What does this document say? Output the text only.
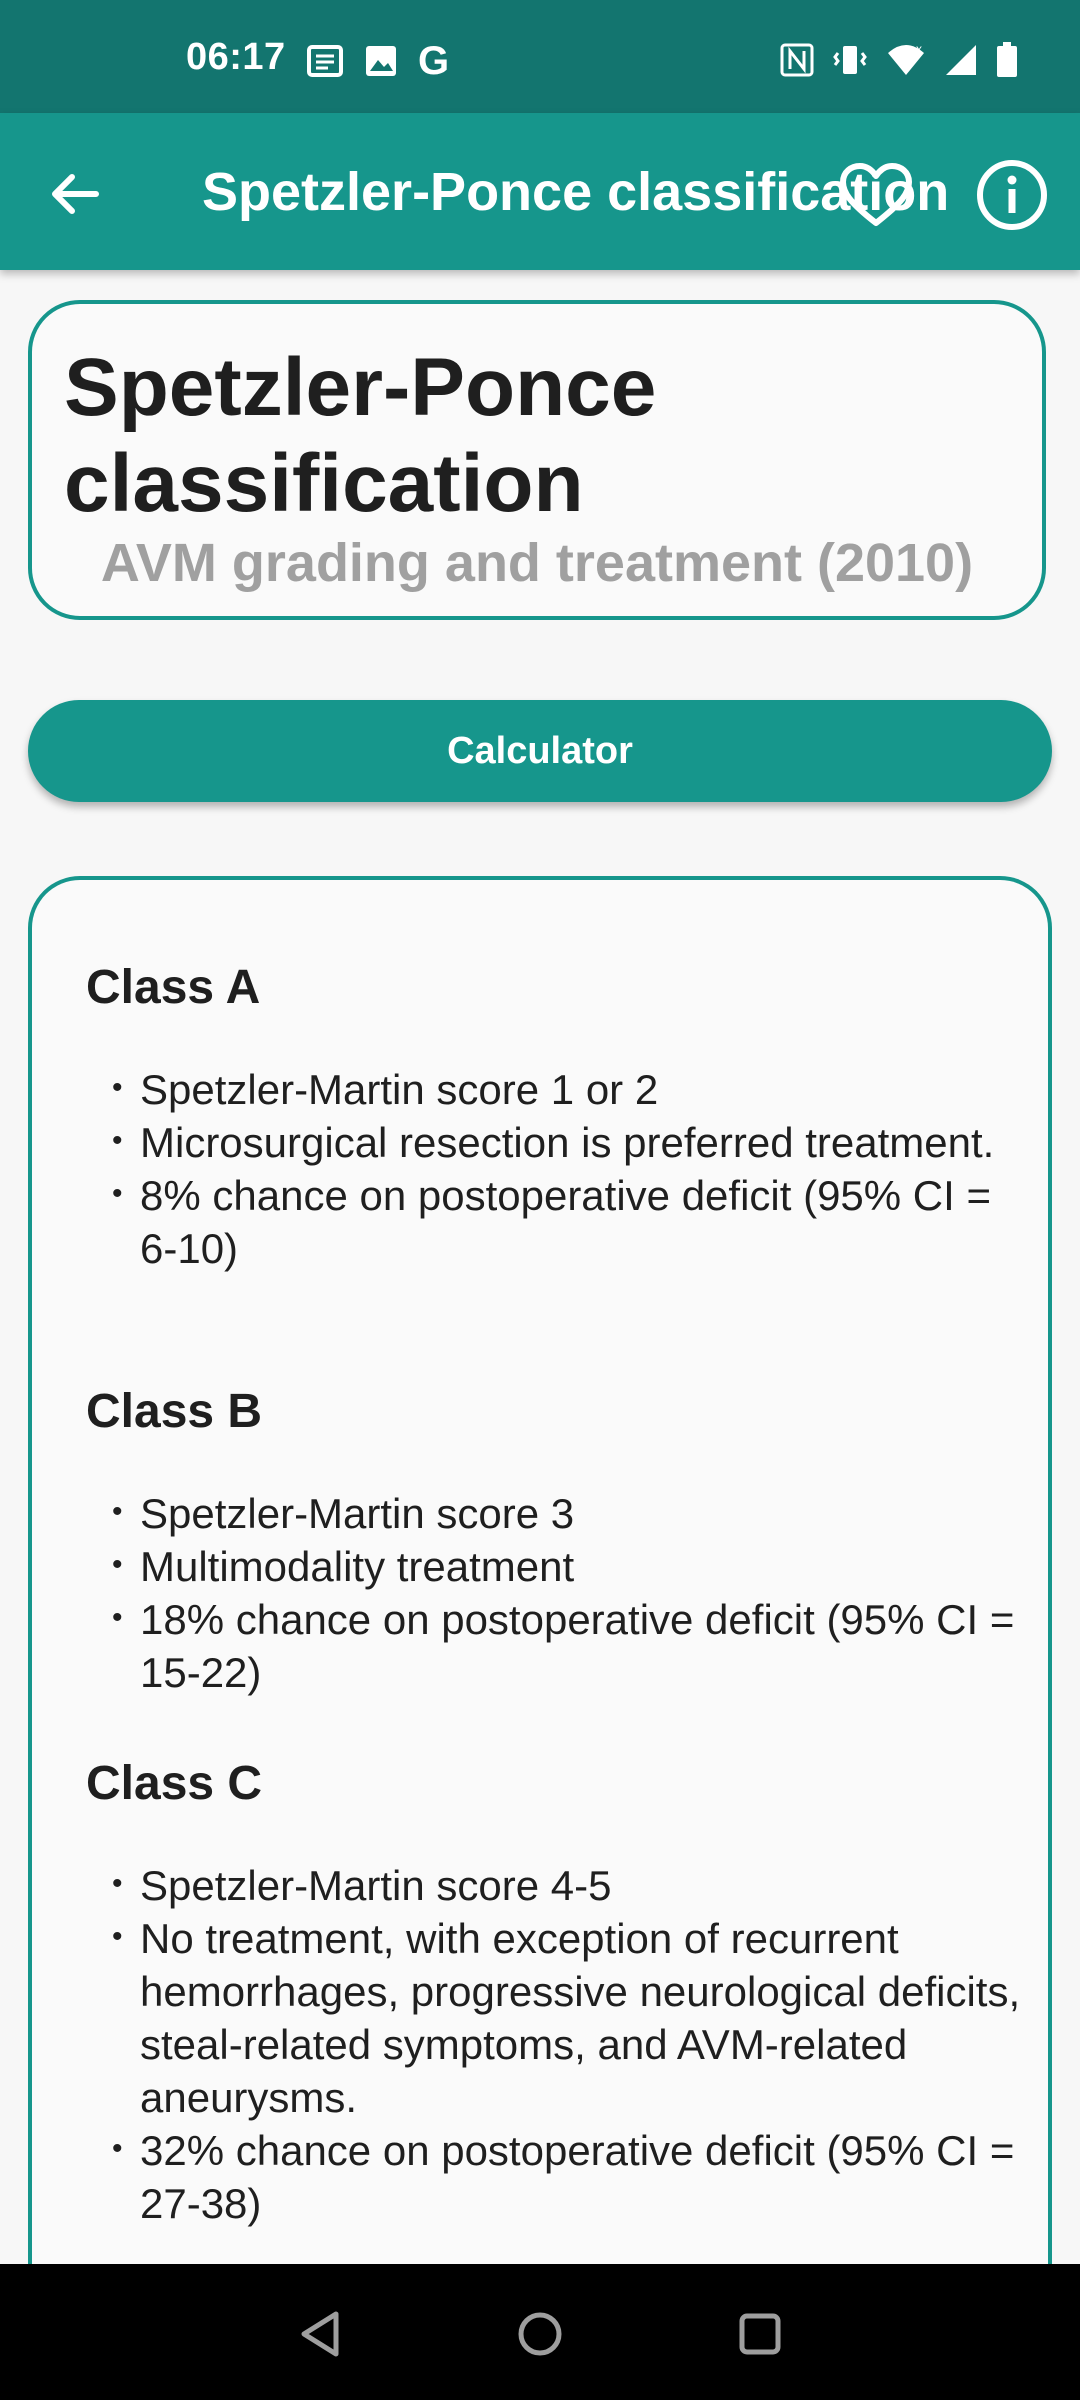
06:17	G	x
Spetzler-Ponce classification
Spetzler-Ponce classification
AVM grading and treatment (2010)
Calculator
Class A
• Spetzler-Martin score 1 or 2
• Microsurgical resection is preferred treatment.
• 8% chance on postoperative deficit (95% CI = 6-10)
Class B
• Spetzler-Martin score 3
• Multimodality treatment
• 18% chance on postoperative deficit (95% CI = 15-22)
Class C
• Spetzler-Martin score 4-5
• No treatment, with exception of recurrent hemorrhages, progressive neurological deficits, steal-related symptoms, and AVM-related aneurysms.
• 32% chance on postoperative deficit (95% CI = 27-38)
